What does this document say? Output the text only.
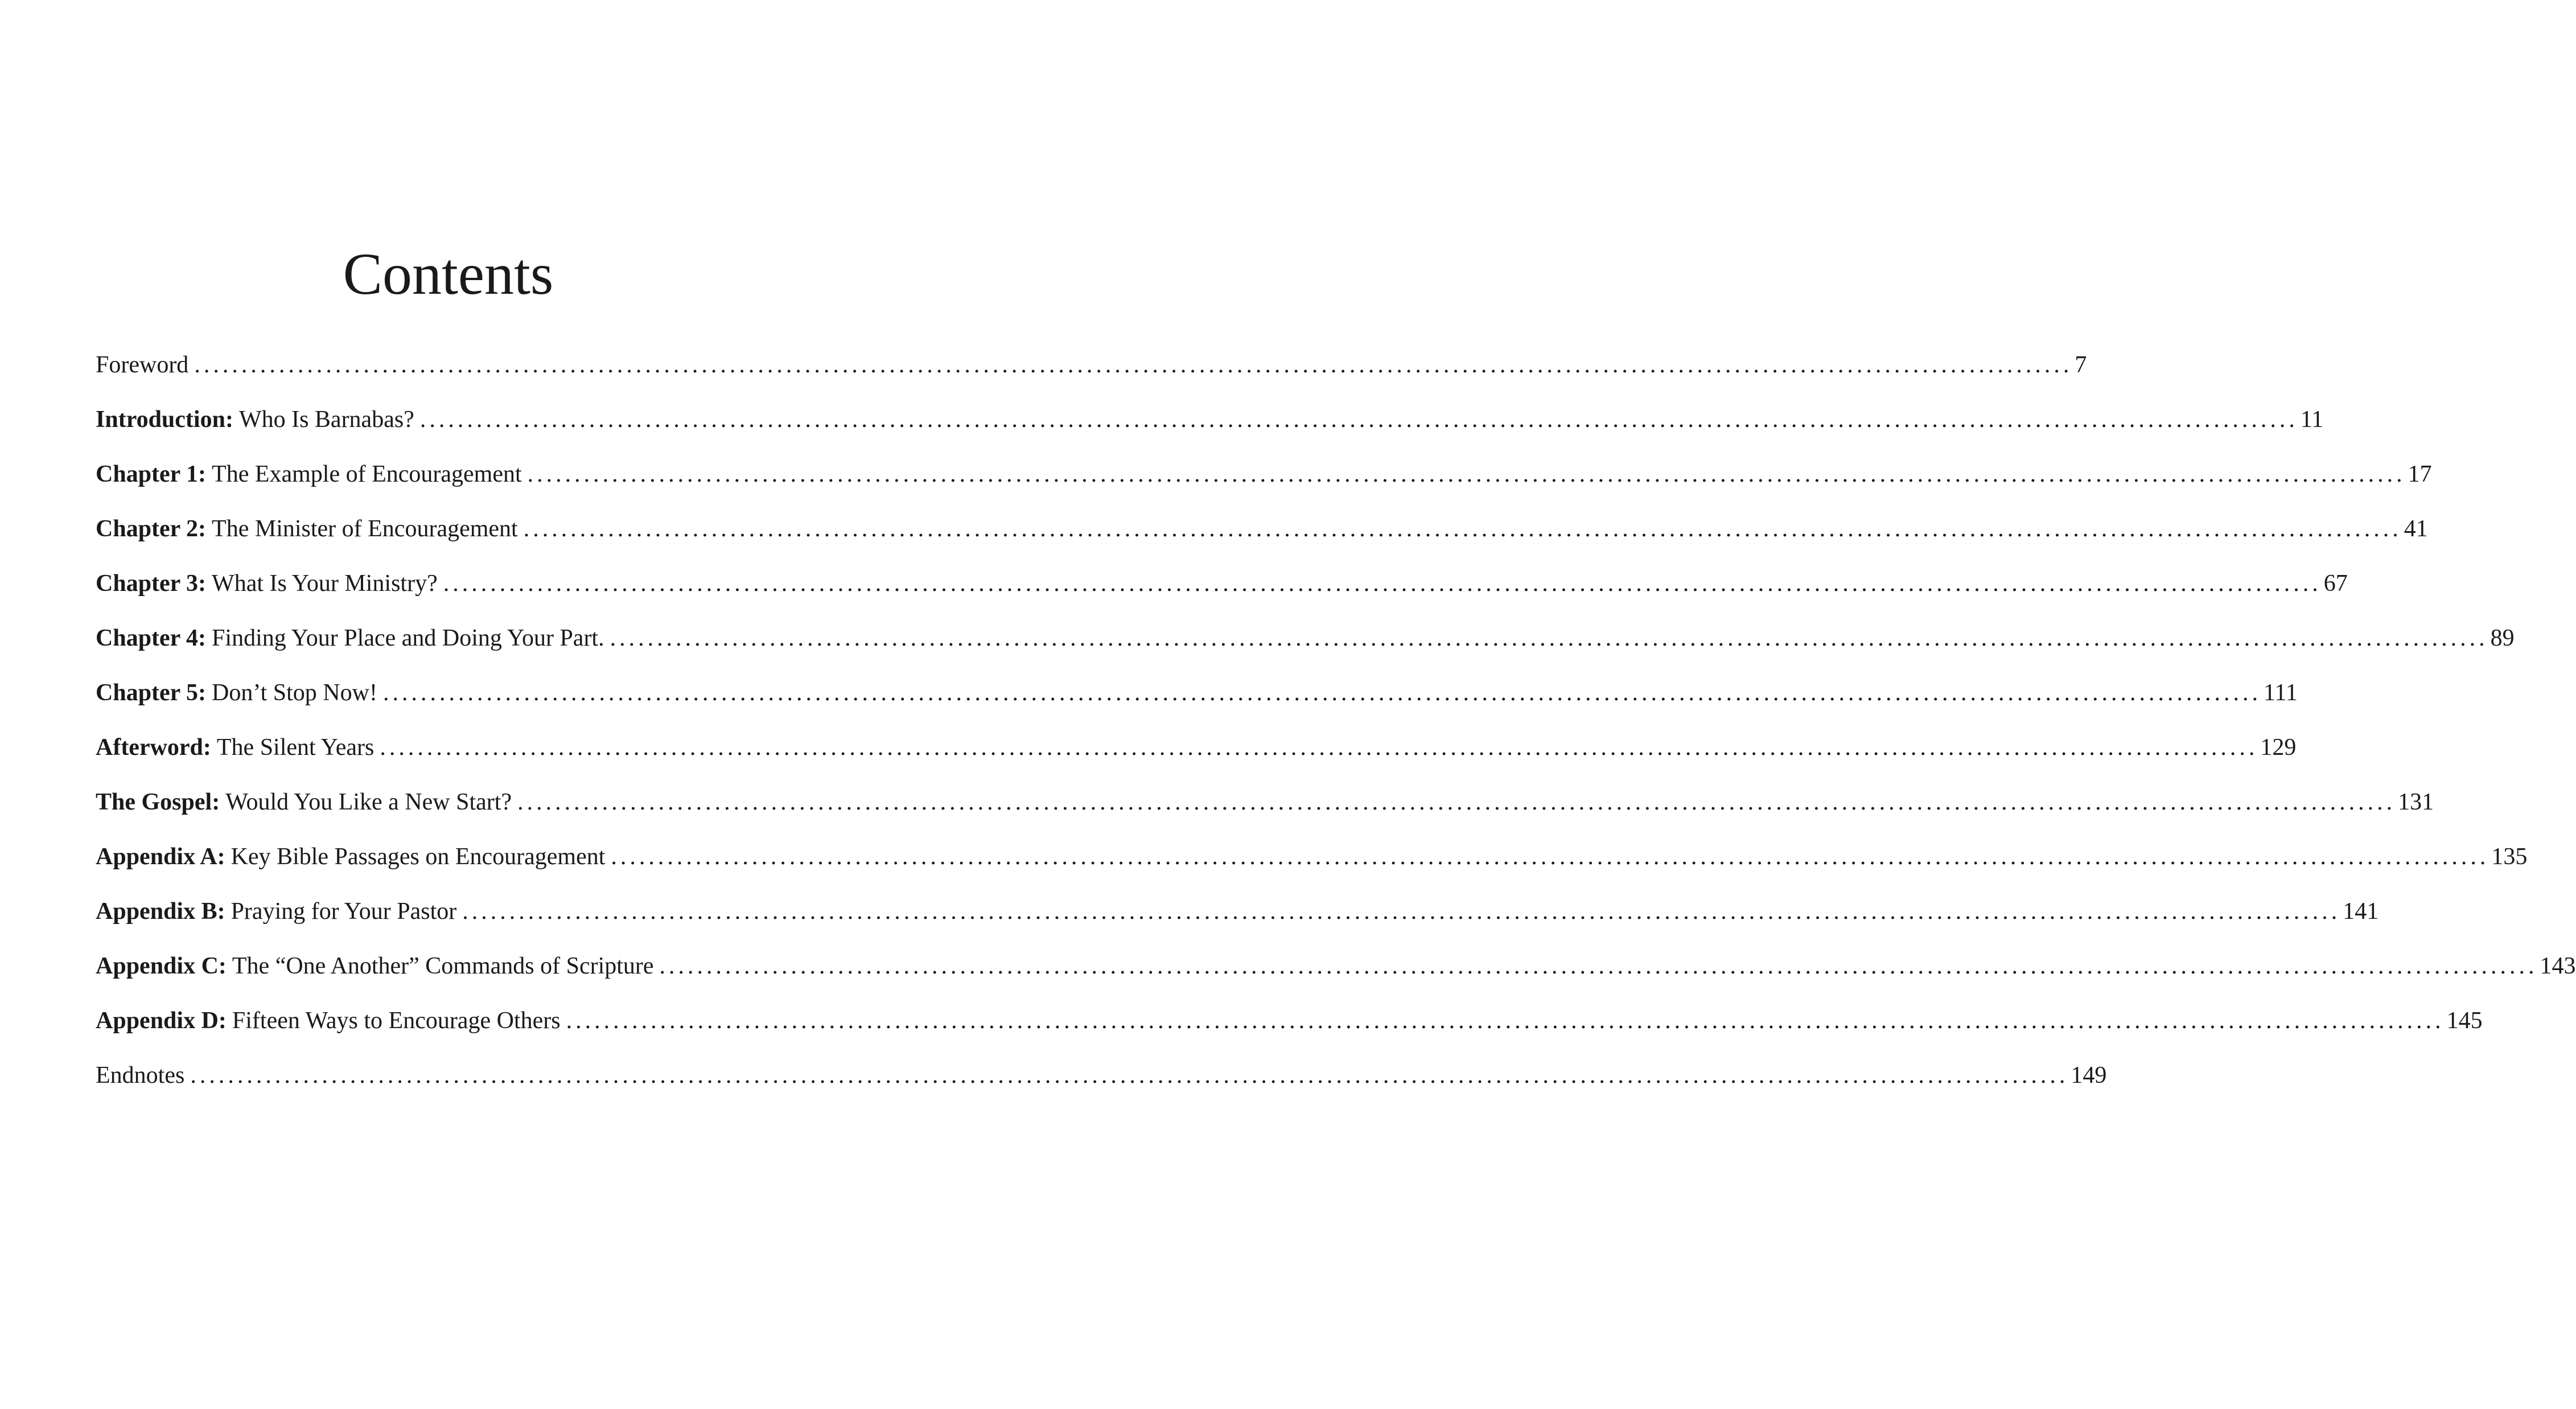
Contents
Foreword ........................................................................................................................................................................................................ 7
Introduction: Who Is Barnabas? ........................................................................................................................................................................................................ 11
Chapter 1: The Example of Encouragement ........................................................................................................................................................................................................ 17
Chapter 2: The Minister of Encouragement ........................................................................................................................................................................................................ 41
Chapter 3: What Is Your Ministry? ........................................................................................................................................................................................................ 67
Chapter 4: Finding Your Place and Doing Your Part. ........................................................................................................................................................................................................ 89
Chapter 5: Don’t Stop Now! ........................................................................................................................................................................................................ 111
Afterword: The Silent Years ........................................................................................................................................................................................................ 129
The Gospel: Would You Like a New Start? ........................................................................................................................................................................................................ 131
Appendix A: Key Bible Passages on Encouragement ........................................................................................................................................................................................................ 135
Appendix B: Praying for Your Pastor ........................................................................................................................................................................................................ 141
Appendix C: The “One Another” Commands of Scripture ........................................................................................................................................................................................................ 143
Appendix D: Fifteen Ways to Encourage Others ........................................................................................................................................................................................................ 145
Endnotes ........................................................................................................................................................................................................ 149
